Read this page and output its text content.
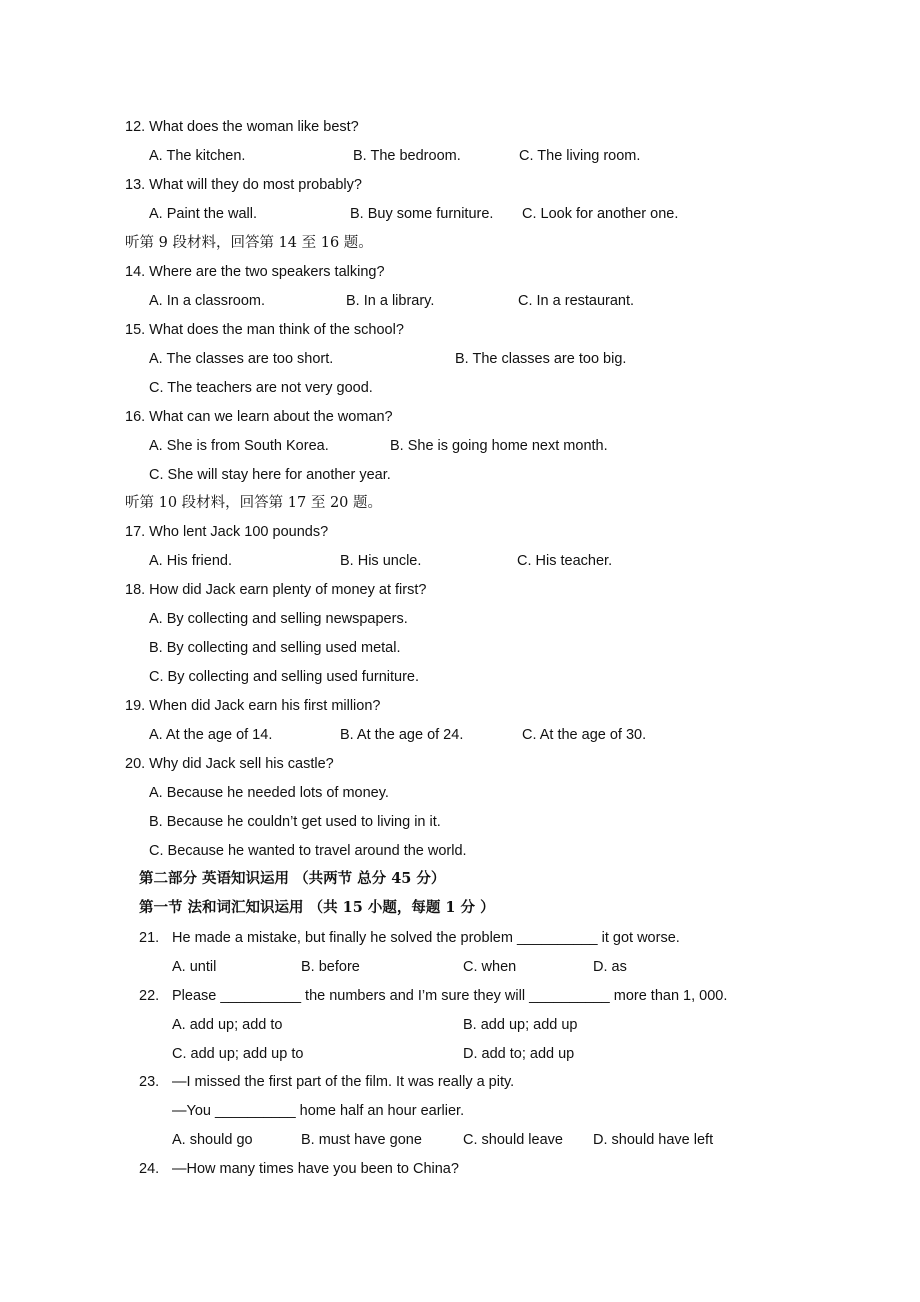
12. What does the woman like best?
A. The kitchen.	B. The bedroom.	C. The living room.
13. What will they do most probably?
A. Paint the wall.	B. Buy some furniture. C. Look for another one.
听第 9 段材料，回答第 14 至 16 题。
14. Where are the two speakers talking?
A. In a classroom.	B. In a library.	C. In a restaurant.
15. What does the man think of the school?
A. The classes are too short.	B. The classes are too big.
C. The teachers are not very good.
16. What can we learn about the woman?
A. She is from South Korea.	B. She is going home next month.
C. She will stay here for another year.
听第 10 段材料，回答第 17 至 20 题。
17. Who lent Jack 100 pounds?
A. His friend.	B. His uncle.	C. His teacher.
18. How did Jack earn plenty of money at first?
A. By collecting and selling newspapers.
B. By collecting and selling used metal.
C. By collecting and selling used furniture.
19. When did Jack earn his first million?
A. At the age of 14.	B. At the age of 24.	C. At the age of 30.
20. Why did Jack sell his castle?
A. Because he needed lots of money.
B. Because he couldn’t get used to living in it.
C. Because he wanted to travel around the world.
第二部分 英语知识运用 （共两节 总分 45 分）
第一节 法和词汇知识运用 （共 15 小题，每题 1 分 ）
21. He made a mistake, but finally he solved the problem __________ it got worse.
A. until	B. before	C. when	D. as
22. Please __________ the numbers and I’m sure they will __________ more than 1, 000.
A. add up; add to	B. add up; add up
C. add up; add up to	D. add to; add up
23. —I missed the first part of the film. It was really a pity.
—You __________ home half an hour earlier.
A. should go	B. must have gone	C. should leave D. should have left
24. —How many times have you been to China?
